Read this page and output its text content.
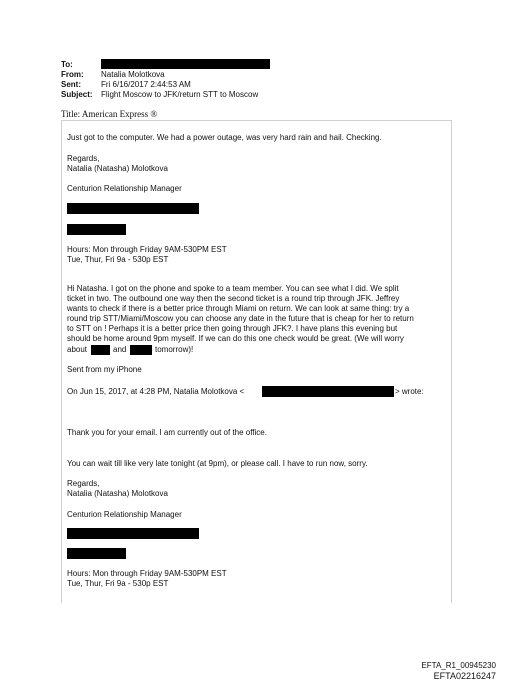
To:
From: Natalia Molotkova
Sent:	Fri 6/16/2017 2:44:53 AM
Subject: Flight Moscow to JFK/return STT to Moscow
Title: American Express ®
Just got to the computer. We had a power outage, was very hard rain and hail. Checking.
Regards,
Natalia (Natasha) Molotkova
Centurion Relationship Manager
Hours: Mon through Friday 9AM-530PM EST
Tue, Thur, Fri 9a - 530p EST
Hi Natasha. I got on the phone and spoke to a team member. You can see what I did. We split
ticket in two. The outbound one way then the second ticket is a round trip through JFK. Jeffrey
wants to check if there is a better price through Miami on return. We can look at same thing: try a
round trip STT/Miami/Moscow you can choose any date in the future that is cheap for her to return
to STT on ! Perhaps it is a better price then going through JFK?. I have plans this evening but
should be home around 9pm myself. If we can do this one check would be great. (We will worry
about	and	tomorrow)!
Sent from my iPhone
On Jun 15, 2017, at 4:28 PM, Natalia Molotkova <	> wrote:
Thank you for your email. I am currently out of the office.
You can wait till like very late tonight (at 9pm), or please call. I have to run now, sorry.
Regards,
Natalia (Natasha) Molotkova
Centurion Relationship Manager
Hours: Mon through Friday 9AM-530PM EST
Tue, Thur, Fri 9a - 530p EST
EFTA_R1_00945230
EFTA02216247
